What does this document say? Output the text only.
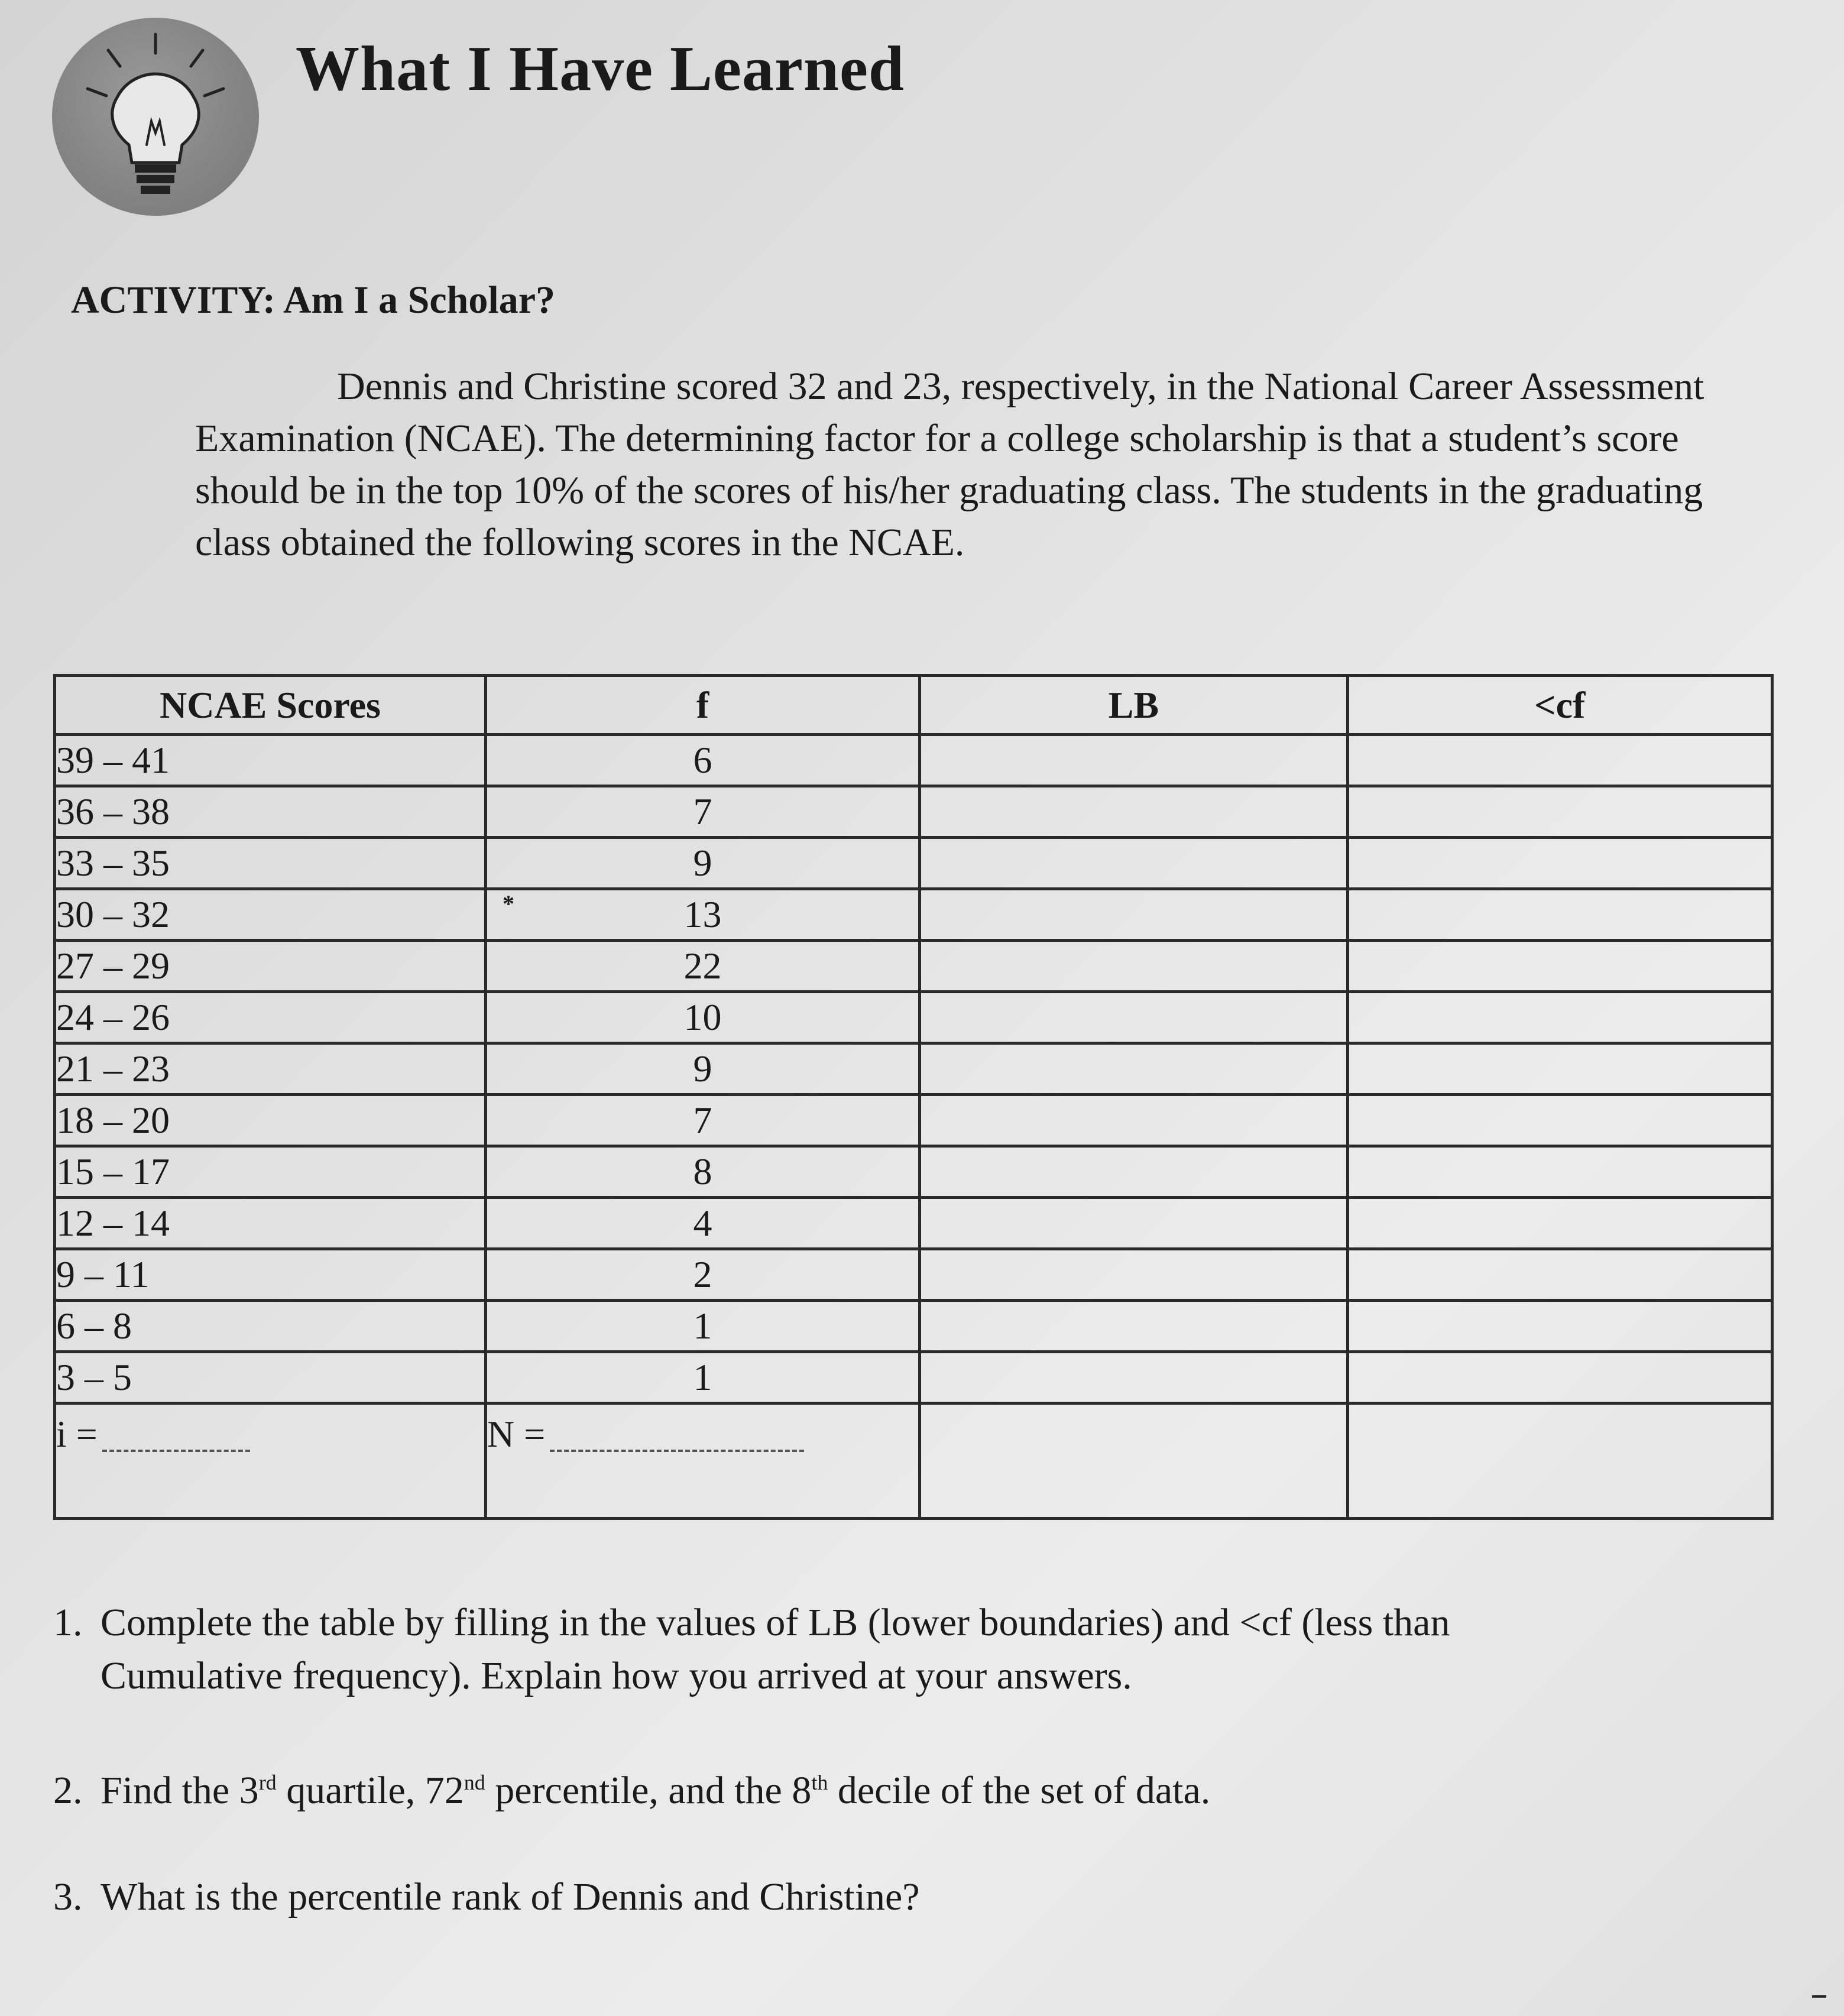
What I Have Learned
ACTIVITY: Am I a Scholar?

Dennis and Christine scored 32 and 23, respectively, in the National Career Assessment Examination (NCAE). The determining factor for a college scholarship is that a student’s score should be in the top 10% of the scores of his/her graduating class. The students in the graduating class obtained the following scores in the NCAE.

NCAE Scores	f	LB	<cf
39 – 41	6		
36 – 38	7		
33 – 35	9		
30 – 32	13		
27 – 29	22		
24 – 26	10		
21 – 23	9		
18 – 20	7		
15 – 17	8		
12 – 14	4		
9 – 11	2		
6 – 8	1		
3 – 5	1		
i =	N =		
*
1. Complete the table by filling in the values of LB (lower boundaries) and <cf (less than
Cumulative frequency). Explain how you arrived at your answers.
2. Find the 3rd quartile, 72nd percentile, and the 8th decile of the set of data.
3. What is the percentile rank of Dennis and Christine?
